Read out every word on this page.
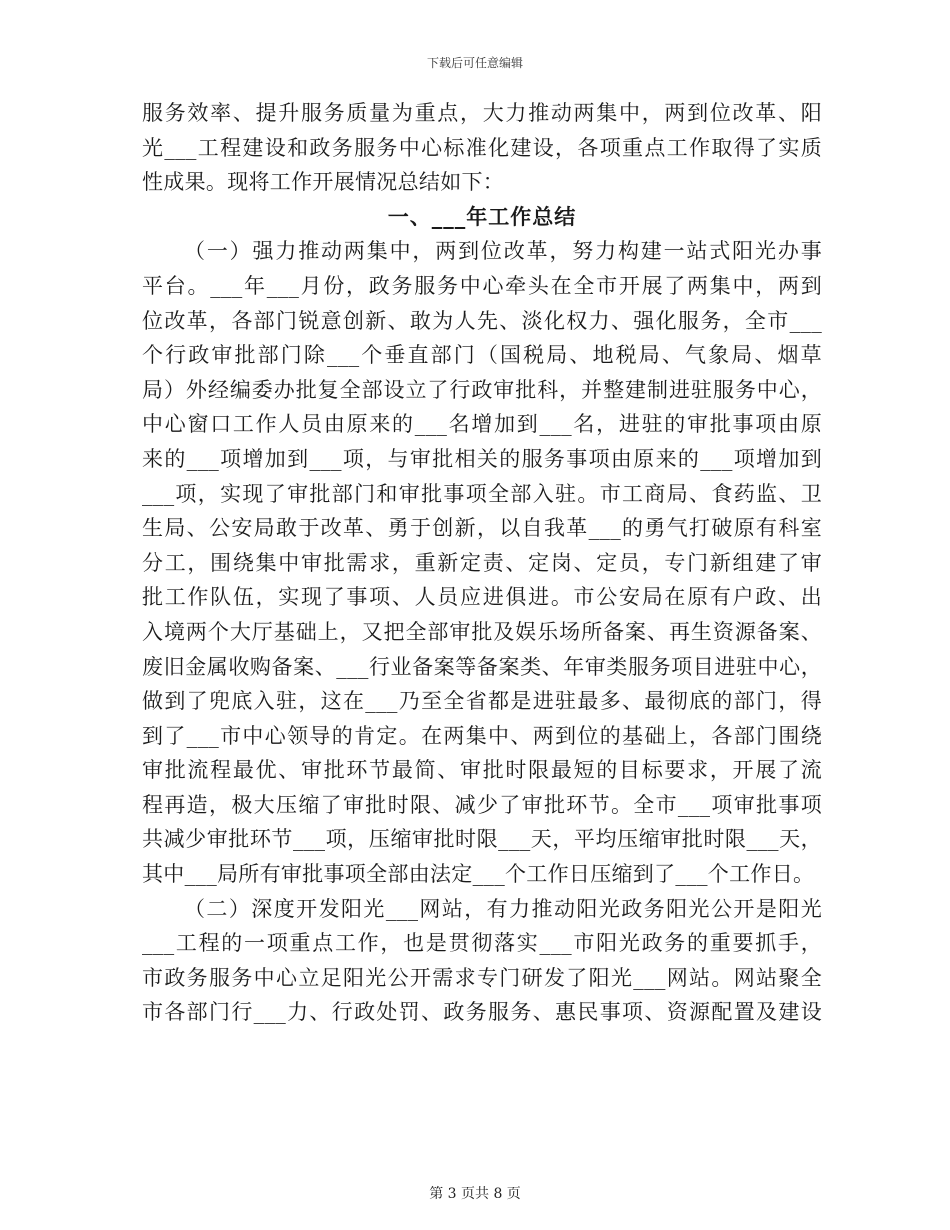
下载后可任意编辑
服务效率、提升服务质量为重点，大力推动两集中，两到位改革、阳
光___工程建设和政务服务中心标准化建设，各项重点工作取得了实质
性成果。现将工作开展情况总结如下：
一、___年工作总结
（一）强力推动两集中，两到位改革，努力构建一站式阳光办事
平台。___年___月份，政务服务中心牵头在全市开展了两集中，两到
位改革，各部门锐意创新、敢为人先、淡化权力、强化服务，全市___
个行政审批部门除___个垂直部门（国税局、地税局、气象局、烟草
局）外经编委办批复全部设立了行政审批科，并整建制进驻服务中心，
中心窗口工作人员由原来的___名增加到___名，进驻的审批事项由原
来的___项增加到___项，与审批相关的服务事项由原来的___项增加到
___项，实现了审批部门和审批事项全部入驻。市工商局、食药监、卫
生局、公安局敢于改革、勇于创新，以自我革___的勇气打破原有科室
分工，围绕集中审批需求，重新定责、定岗、定员，专门新组建了审
批工作队伍，实现了事项、人员应进俱进。市公安局在原有户政、出
入境两个大厅基础上，又把全部审批及娱乐场所备案、再生资源备案、
废旧金属收购备案、___行业备案等备案类、年审类服务项目进驻中心，
做到了兜底入驻，这在___乃至全省都是进驻最多、最彻底的部门，得
到了___市中心领导的肯定。在两集中、两到位的基础上，各部门围绕
审批流程最优、审批环节最简、审批时限最短的目标要求，开展了流
程再造，极大压缩了审批时限、减少了审批环节。全市___项审批事项
共减少审批环节___项，压缩审批时限___天，平均压缩审批时限___天，
其中___局所有审批事项全部由法定___个工作日压缩到了___个工作日。
（二）深度开发阳光___网站，有力推动阳光政务阳光公开是阳光
___工程的一项重点工作，也是贯彻落实___市阳光政务的重要抓手，
市政务服务中心立足阳光公开需求专门研发了阳光___网站。网站聚全
市各部门行___力、行政处罚、政务服务、惠民事项、资源配置及建设
第 3 页共 8 页
